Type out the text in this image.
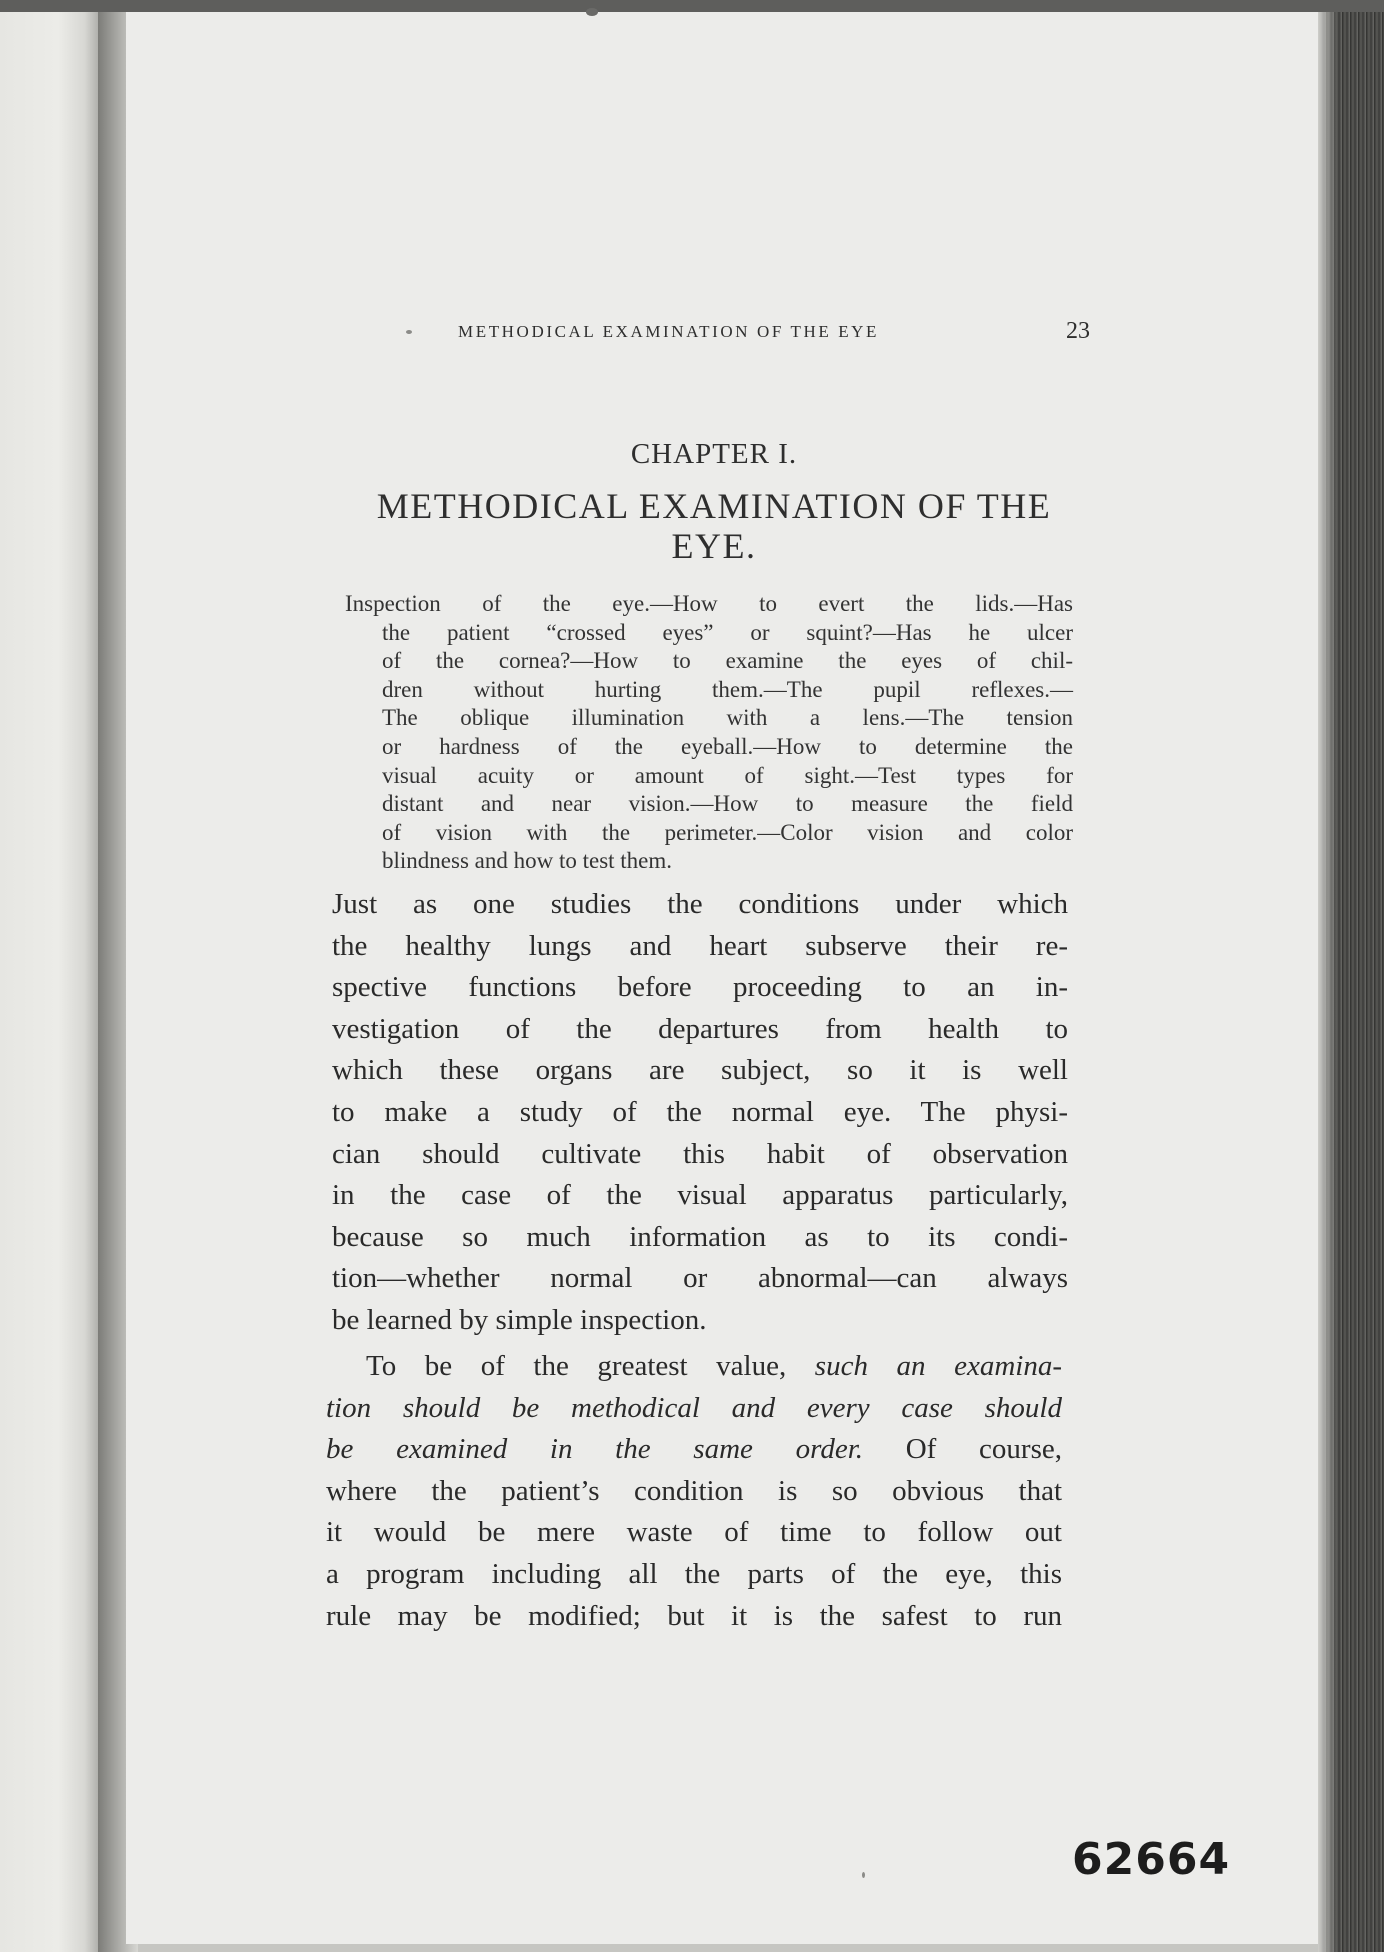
METHODICAL EXAMINATION OF THE EYE	23
CHAPTER I.
METHODICAL EXAMINATION OF THE
EYE.
Inspection of the eye.—How to evert the lids.—Has
the patient “crossed eyes” or squint?—Has he ulcer
of the cornea?—How to examine the eyes of chil-
dren without hurting them.—The pupil reflexes.—
The oblique illumination with a lens.—The tension
or hardness of the eyeball.—How to determine the
visual acuity or amount of sight.—Test types for
distant and near vision.—How to measure the field
of vision with the perimeter.—Color vision and color
blindness and how to test them.
Just as one studies the conditions under which
the healthy lungs and heart subserve their re-
spective functions before proceeding to an in-
vestigation of the departures from health to
which these organs are subject, so it is well
to make a study of the normal eye. The physi-
cian should cultivate this habit of observation
in the case of the visual apparatus particularly,
because so much information as to its condi-
tion—whether normal or abnormal—can always
be learned by simple inspection.
To be of the greatest value, such an examina-
tion should be methodical and every case should
be examined in the same order. Of course,
where the patient’s condition is so obvious that
it would be mere waste of time to follow out
a program including all the parts of the eye, this
rule may be modified; but it is the safest to run
62664
